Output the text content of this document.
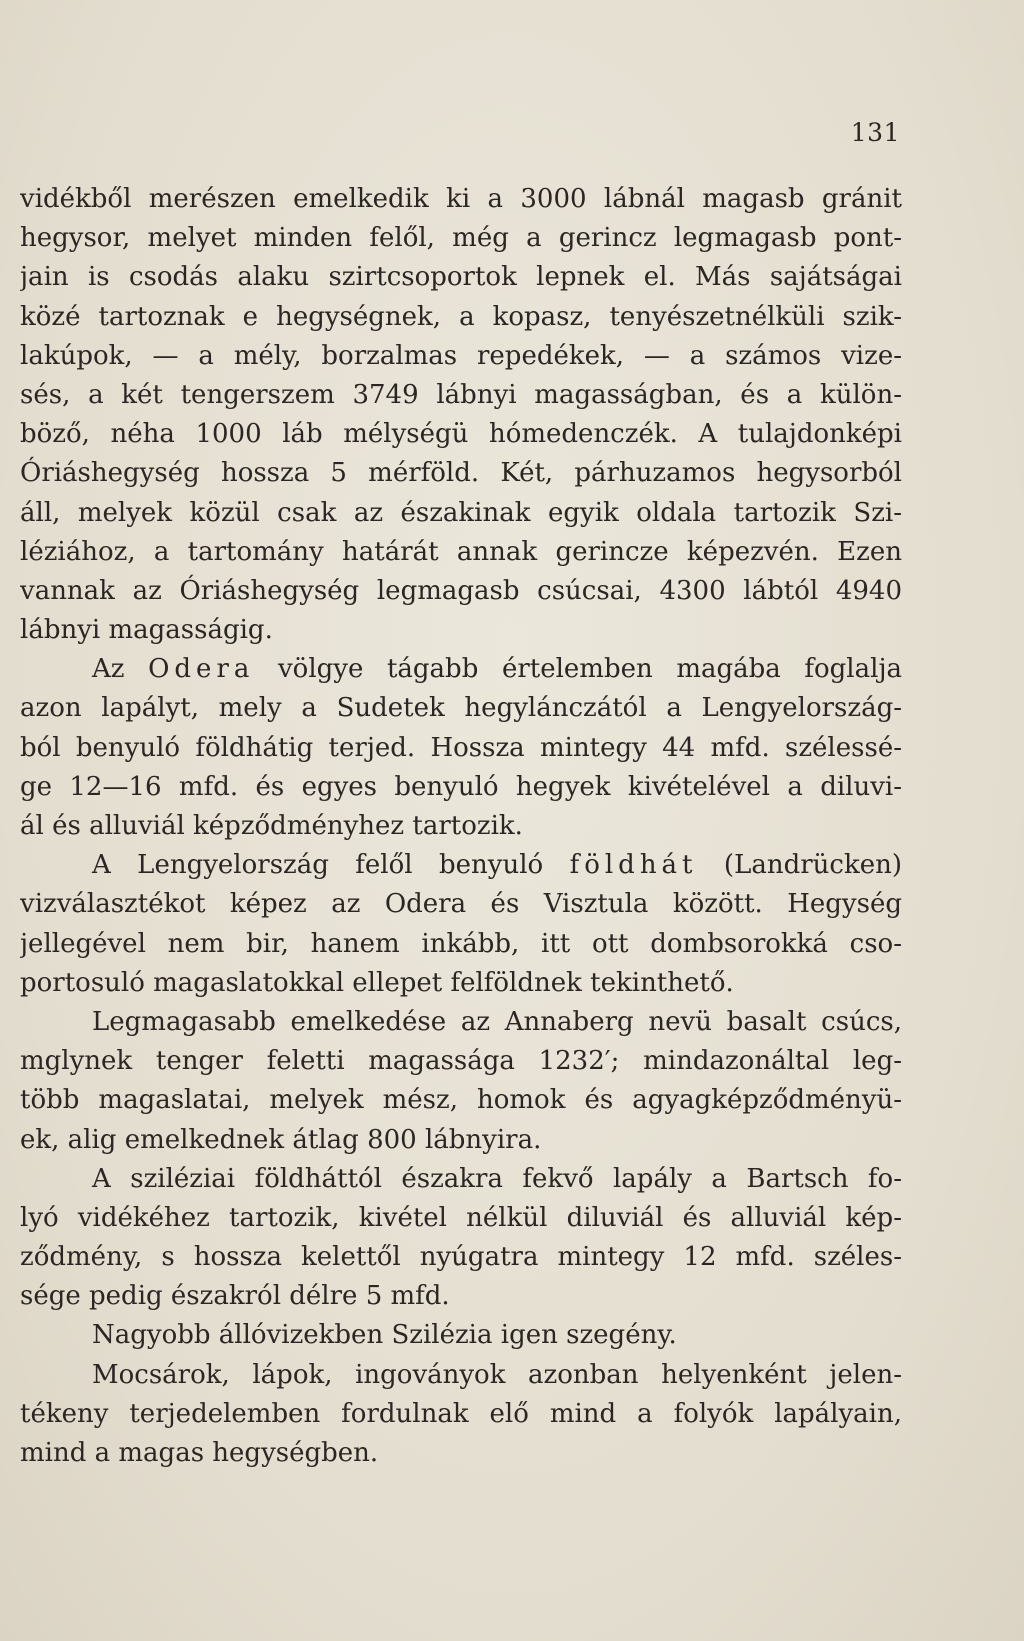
131
vidékből merészen emelkedik ki a 3000 lábnál magasb gránit
hegysor, melyet minden felől, még a gerincz legmagasb pont-
jain is csodás alaku szirtcsoportok lepnek el. Más sajátságai
közé tartoznak e hegységnek, a kopasz, tenyészetnélküli szik-
lakúpok, — a mély, borzalmas repedékek, — a számos vize-
sés, a két tengerszem 3749 lábnyi magasságban, és a külön-
böző, néha 1000 láb mélységü hómedenczék. A tulajdonképi
Óriáshegység hossza 5 mérföld. Két, párhuzamos hegysorból
áll, melyek közül csak az északinak egyik oldala tartozik Szi-
léziához, a tartomány határát annak gerincze képezvén. Ezen
vannak az Óriáshegység legmagasb csúcsai, 4300 lábtól 4940
lábnyi magasságig.
Az Odera völgye tágabb értelemben magába foglalja
azon lapályt, mely a Sudetek hegylánczától a Lengyelország-
ból benyuló földhátig terjed. Hossza mintegy 44 mfd. szélessé-
ge 12—16 mfd. és egyes benyuló hegyek kivételével a diluvi-
ál és alluviál képződményhez tartozik.
A Lengyelország felől benyuló földhát (Landrücken)
vizválasztékot képez az Odera és Visztula között. Hegység
jellegével nem bir, hanem inkább, itt ott dombsorokká cso-
portosuló magaslatokkal ellepet felföldnek tekinthető.
Legmagasabb emelkedése az Annaberg nevü basalt csúcs,
mglynek tenger feletti magassága 1232′; mindazonáltal leg-
több magaslatai, melyek mész, homok és agyagképződményü-
ek, alig emelkednek átlag 800 lábnyira.
A sziléziai földháttól északra fekvő lapály a Bartsch fo-
lyó vidékéhez tartozik, kivétel nélkül diluviál és alluviál kép-
ződmény, s hossza kelettől nyúgatra mintegy 12 mfd. széles-
sége pedig északról délre 5 mfd.
Nagyobb állóvizekben Szilézia igen szegény.
Mocsárok, lápok, ingoványok azonban helyenként jelen-
tékeny terjedelemben fordulnak elő mind a folyók lapályain,
mind a magas hegységben.
